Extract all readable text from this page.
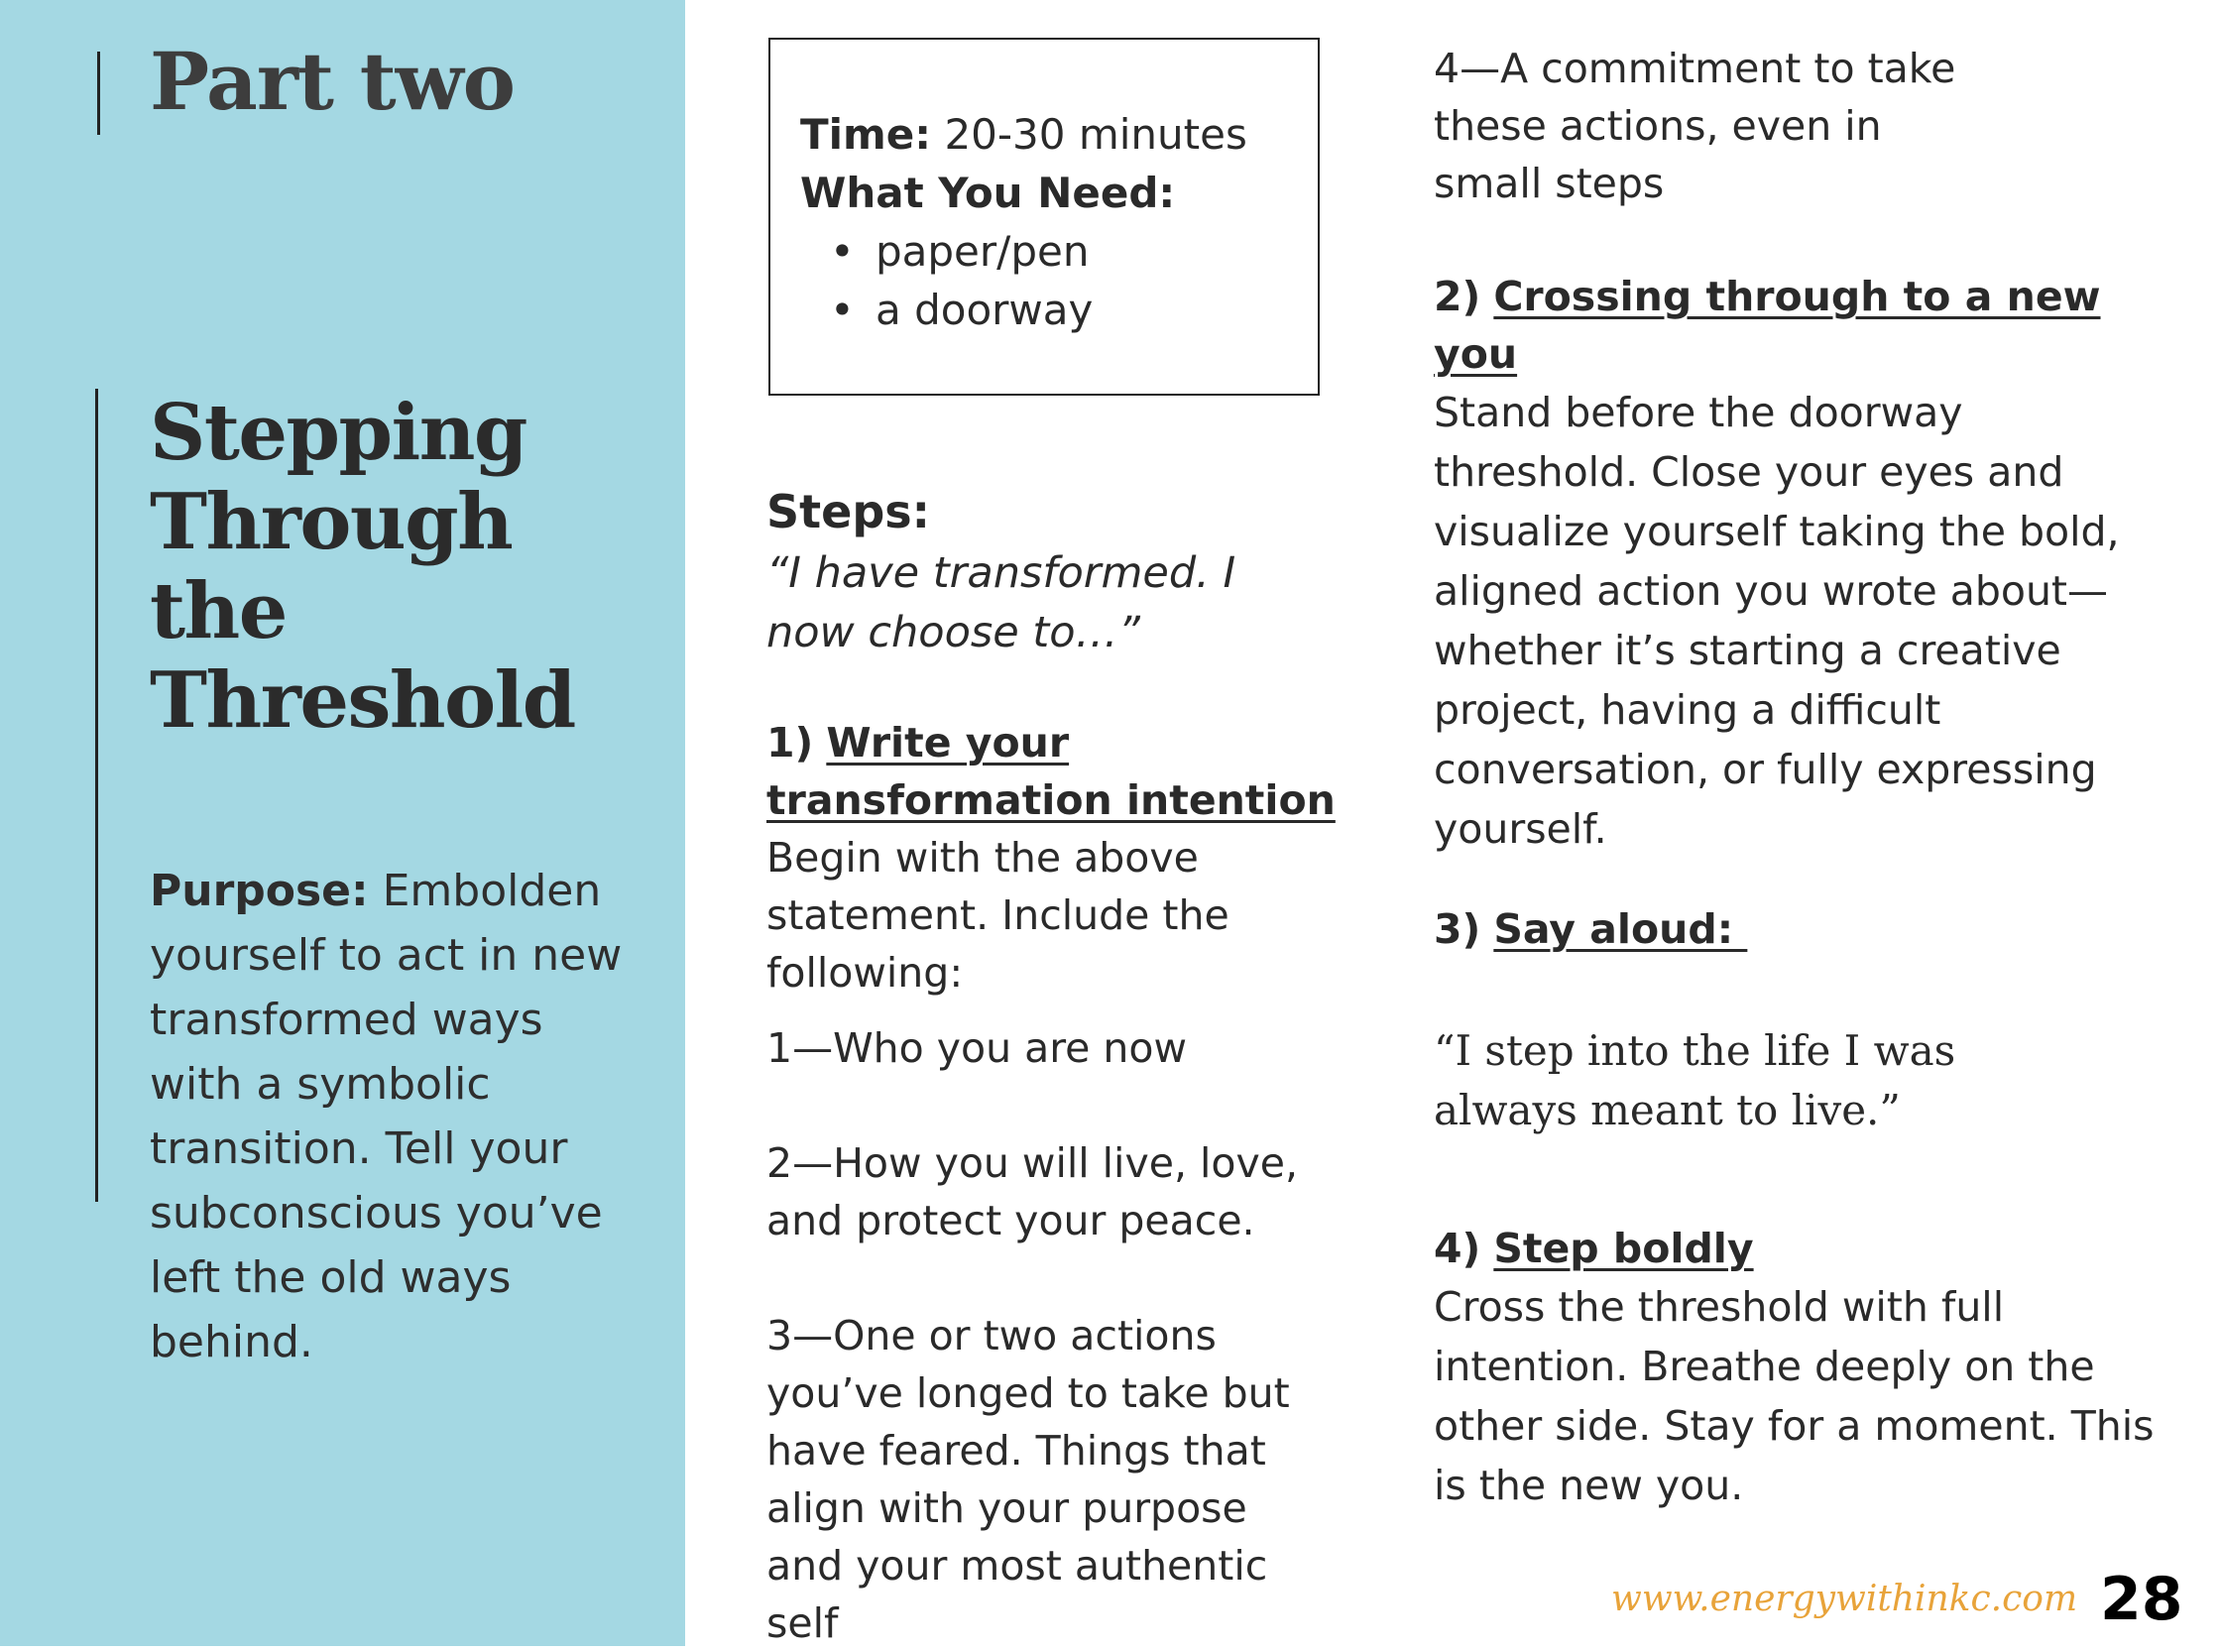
Part two
Stepping
Through the
Threshold
Purpose: Embolden yourself to act in new transformed ways with a symbolic transition. Tell your subconscious you’ve left the old ways behind.
Time: 20-30 minutes
What You Need:
• paper/pen
• a doorway

Steps:

“I have transformed. I now choose to…”

1) Write your transformation intention

Begin with the above statement. Include the following:

1—Who you are now

2—How you will live, love, and protect your peace.

3—One or two actions you’ve longed to take but have feared. Things that align with your purpose and your most authentic self

4—A commitment to take these actions, even in small steps

2) Crossing through to a new you

Stand before the doorway threshold. Close your eyes and visualize yourself taking the bold, aligned action you wrote about—whether it’s starting a creative project, having a difficult conversation, or fully expressing yourself.

3) Say aloud:

“I step into the life I was always meant to live.”

4) Step boldly

Cross the threshold with full intention. Breathe deeply on the other side. Stay for a moment. This is the new you.

www.energywithinkc.com 28
